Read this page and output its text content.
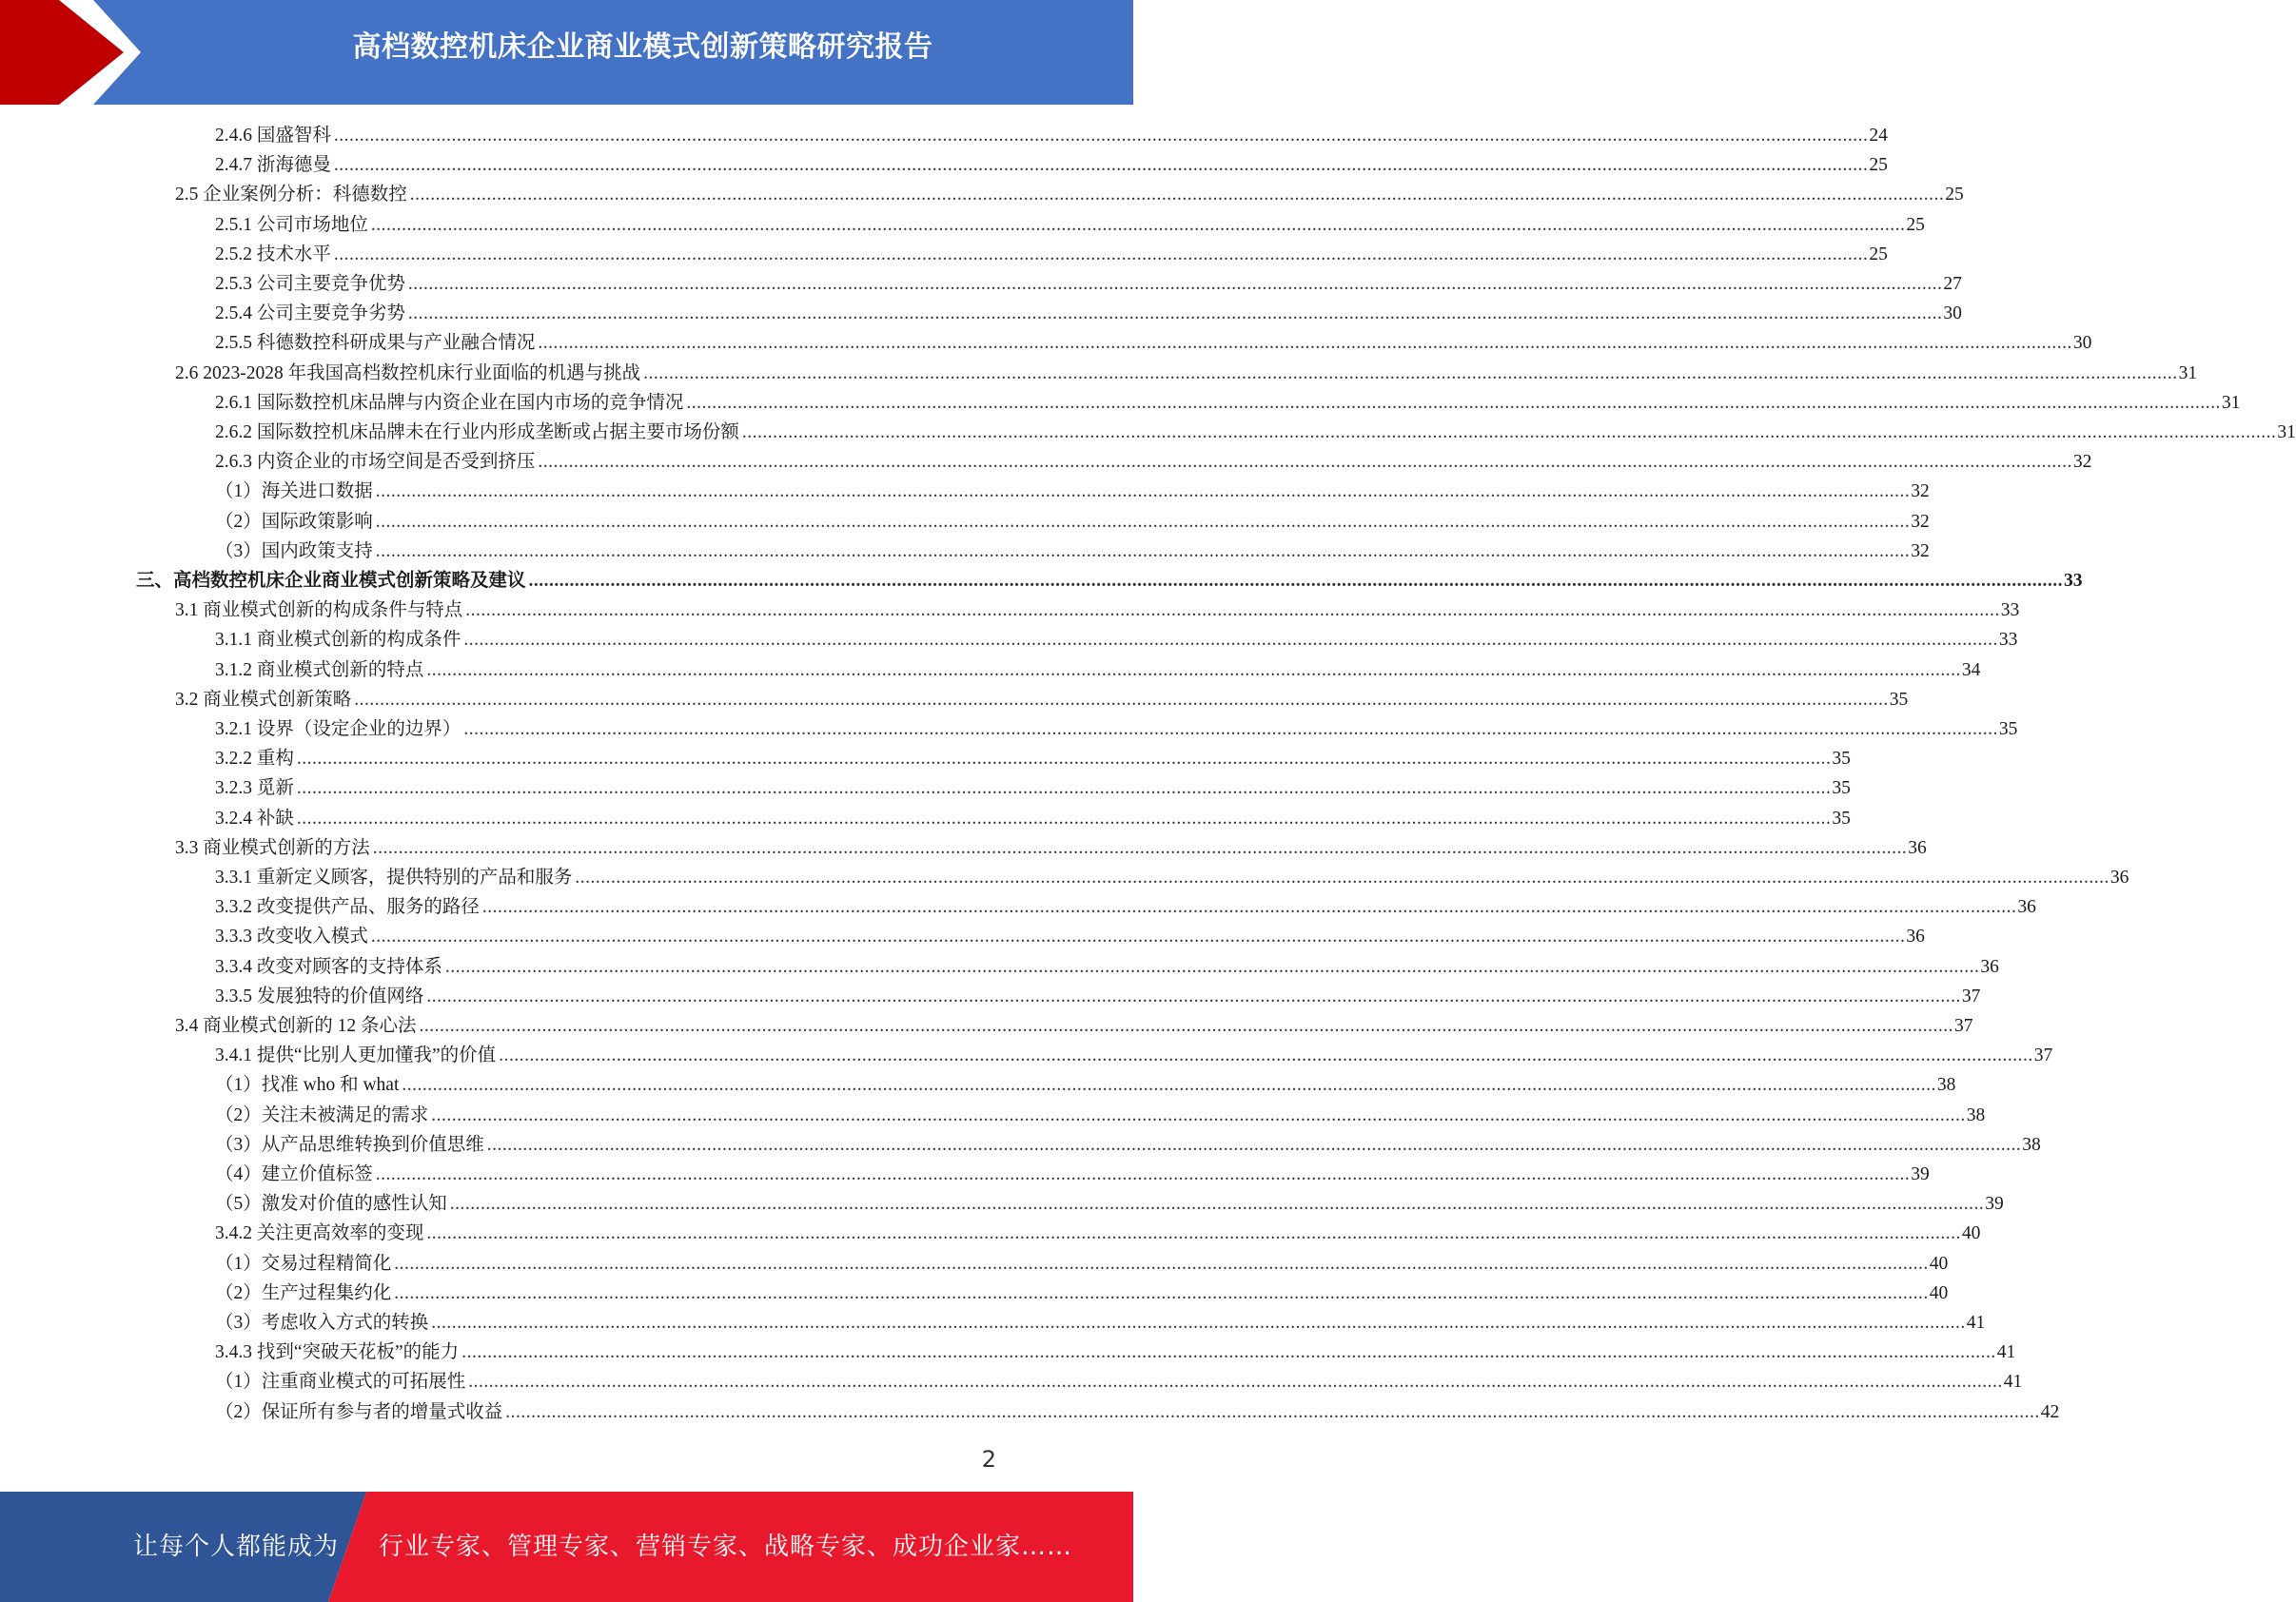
高档数控机床企业商业模式创新策略研究报告
2.4.6 国盛智科 ............................................................................................................................................................................................................................................................................................................ 24
2.4.7 浙海德曼 ............................................................................................................................................................................................................................................................................................................ 25
2.5 企业案例分析：科德数控 ............................................................................................................................................................................................................................................................................................................ 25
2.5.1 公司市场地位 ............................................................................................................................................................................................................................................................................................................ 25
2.5.2 技术水平 ............................................................................................................................................................................................................................................................................................................ 25
2.5.3 公司主要竞争优势 ............................................................................................................................................................................................................................................................................................................ 27
2.5.4 公司主要竞争劣势 ............................................................................................................................................................................................................................................................................................................ 30
2.5.5 科德数控科研成果与产业融合情况 ............................................................................................................................................................................................................................................................................................................ 30
2.6 2023-2028 年我国高档数控机床行业面临的机遇与挑战 ............................................................................................................................................................................................................................................................................................................ 31
2.6.1 国际数控机床品牌与内资企业在国内市场的竞争情况 ............................................................................................................................................................................................................................................................................................................ 31
2.6.2 国际数控机床品牌未在行业内形成垄断或占据主要市场份额 ............................................................................................................................................................................................................................................................................................................ 31
2.6.3 内资企业的市场空间是否受到挤压 ............................................................................................................................................................................................................................................................................................................ 32
（1）海关进口数据 ............................................................................................................................................................................................................................................................................................................ 32
（2）国际政策影响 ............................................................................................................................................................................................................................................................................................................ 32
（3）国内政策支持 ............................................................................................................................................................................................................................................................................................................ 32
三、高档数控机床企业商业模式创新策略及建议 ............................................................................................................................................................................................................................................................................................................ 33
3.1 商业模式创新的构成条件与特点 ............................................................................................................................................................................................................................................................................................................ 33
3.1.1 商业模式创新的构成条件 ............................................................................................................................................................................................................................................................................................................ 33
3.1.2 商业模式创新的特点 ............................................................................................................................................................................................................................................................................................................ 34
3.2 商业模式创新策略 ............................................................................................................................................................................................................................................................................................................ 35
3.2.1 设界（设定企业的边界） ............................................................................................................................................................................................................................................................................................................ 35
3.2.2 重构 ............................................................................................................................................................................................................................................................................................................ 35
3.2.3 觅新 ............................................................................................................................................................................................................................................................................................................ 35
3.2.4 补缺 ............................................................................................................................................................................................................................................................................................................ 35
3.3 商业模式创新的方法 ............................................................................................................................................................................................................................................................................................................ 36
3.3.1 重新定义顾客，提供特别的产品和服务 ............................................................................................................................................................................................................................................................................................................ 36
3.3.2 改变提供产品、服务的路径 ............................................................................................................................................................................................................................................................................................................ 36
3.3.3 改变收入模式 ............................................................................................................................................................................................................................................................................................................ 36
3.3.4 改变对顾客的支持体系 ............................................................................................................................................................................................................................................................................................................ 36
3.3.5 发展独特的价值网络 ............................................................................................................................................................................................................................................................................................................ 37
3.4 商业模式创新的 12 条心法 ............................................................................................................................................................................................................................................................................................................ 37
3.4.1 提供“比别人更加懂我”的价值 ............................................................................................................................................................................................................................................................................................................ 37
（1）找准 who 和 what ............................................................................................................................................................................................................................................................................................................ 38
（2）关注未被满足的需求 ............................................................................................................................................................................................................................................................................................................ 38
（3）从产品思维转换到价值思维 ............................................................................................................................................................................................................................................................................................................ 38
（4）建立价值标签 ............................................................................................................................................................................................................................................................................................................ 39
（5）激发对价值的感性认知 ............................................................................................................................................................................................................................................................................................................ 39
3.4.2 关注更高效率的变现 ............................................................................................................................................................................................................................................................................................................ 40
（1）交易过程精简化 ............................................................................................................................................................................................................................................................................................................ 40
（2）生产过程集约化 ............................................................................................................................................................................................................................................................................................................ 40
（3）考虑收入方式的转换 ............................................................................................................................................................................................................................................................................................................ 41
3.4.3 找到“突破天花板”的能力 ............................................................................................................................................................................................................................................................................................................ 41
（1）注重商业模式的可拓展性 ............................................................................................................................................................................................................................................................................................................ 41
（2）保证所有参与者的增量式收益 ............................................................................................................................................................................................................................................................................................................ 42
2
让每个人都能成为 行业专家、管理专家、营销专家、战略专家、成功企业家……
